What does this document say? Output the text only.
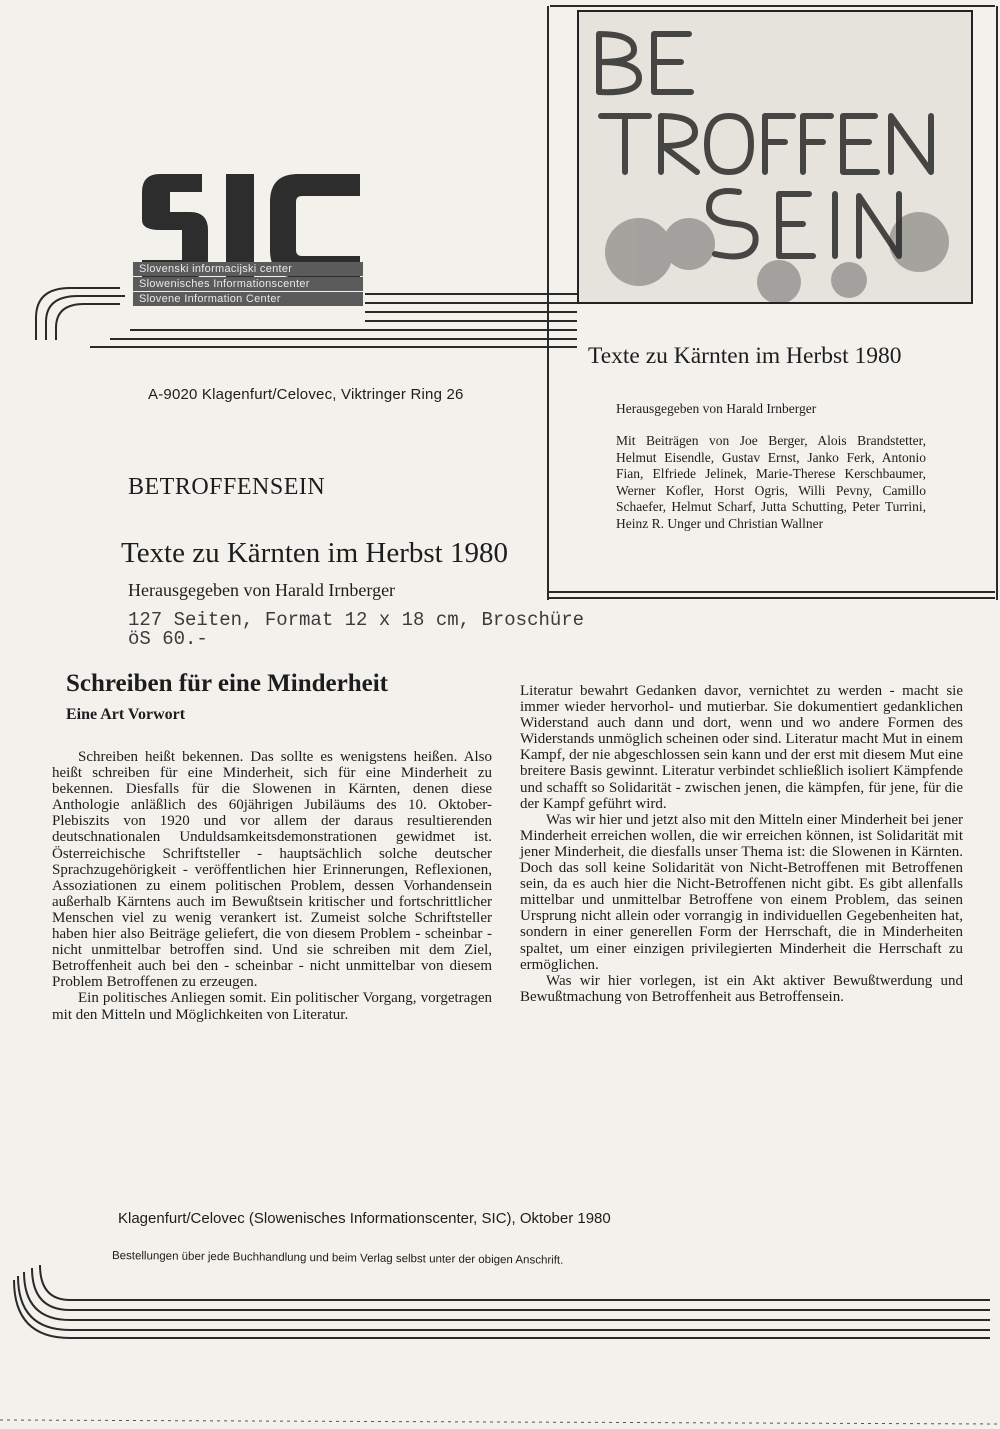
Slovenski informacijski center
Slowenisches Informationscenter
Slovene Information Center
A-9020 Klagenfurt/Celovec, Viktringer Ring 26
Texte zu Kärnten im Herbst 1980
Herausgegeben von Harald Irnberger
Mit Beiträgen von Joe Berger, Alois Brandstetter, Helmut Eisendle, Gustav Ernst, Janko Ferk, Antonio Fian, Elfriede Jelinek, Marie-Therese Kerschbaumer, Werner Kofler, Horst Ogris, Willi Pevny, Camillo Schaefer, Helmut Scharf, Jutta Schutting, Peter Turrini, Heinz R. Unger und Christian Wallner
BETROFFENSEIN
Texte zu Kärnten im Herbst 1980
Herausgegeben von Harald Irnberger
127 Seiten, Format 12 x 18 cm, Broschüre
öS 60.-
Schreiben für eine Minderheit
Eine Art Vorwort

Schreiben heißt bekennen. Das sollte es wenigstens heißen. Also heißt schreiben für eine Minderheit, sich für eine Minderheit zu bekennen. Diesfalls für die Slowenen in Kärnten, denen diese Anthologie anläßlich des 60jährigen Jubiläums des 10. Oktober-Plebiszits von 1920 und vor allem der daraus resultierenden deutschnationalen Unduldsamkeitsdemonstrationen gewidmet ist. Österreichische Schriftsteller - hauptsächlich solche deutscher Sprachzugehörigkeit - veröffentlichen hier Erinnerungen, Reflexionen, Assoziationen zu einem politischen Problem, dessen Vorhandensein außerhalb Kärntens auch im Bewußtsein kritischer und fortschrittlicher Menschen viel zu wenig verankert ist. Zumeist solche Schriftsteller haben hier also Beiträge geliefert, die von diesem Problem - scheinbar - nicht unmittelbar betroffen sind. Und sie schreiben mit dem Ziel, Betroffenheit auch bei den - scheinbar - nicht unmittelbar von diesem Problem Betroffenen zu erzeugen.

Ein politisches Anliegen somit. Ein politischer Vorgang, vorgetragen mit den Mitteln und Möglichkeiten von Literatur.

Literatur bewahrt Gedanken davor, vernichtet zu werden - macht sie immer wieder hervorhol- und mutierbar. Sie dokumentiert gedanklichen Widerstand auch dann und dort, wenn und wo andere Formen des Widerstands unmöglich scheinen oder sind. Literatur macht Mut in einem Kampf, der nie abgeschlossen sein kann und der erst mit diesem Mut eine breitere Basis gewinnt. Literatur verbindet schließlich isoliert Kämpfende und schafft so Solidarität - zwischen jenen, die kämpfen, für jene, für die der Kampf geführt wird.

Was wir hier und jetzt also mit den Mitteln einer Minderheit bei jener Minderheit erreichen wollen, die wir erreichen können, ist Solidarität mit jener Minderheit, die diesfalls unser Thema ist: die Slowenen in Kärnten. Doch das soll keine Solidarität von Nicht-Betroffenen mit Betroffenen sein, da es auch hier die Nicht-Betroffenen nicht gibt. Es gibt allenfalls mittelbar und unmittelbar Betroffene von einem Problem, das seinen Ursprung nicht allein oder vorrangig in individuellen Gegebenheiten hat, sondern in einer generellen Form der Herrschaft, die in Minderheiten spaltet, um einer einzigen privilegierten Minderheit die Herrschaft zu ermöglichen.

Was wir hier vorlegen, ist ein Akt aktiver Bewußtwerdung und Bewußtmachung von Betroffenheit aus Betroffensein.

Klagenfurt/Celovec (Slowenisches Informationscenter, SIC), Oktober 1980
Bestellungen über jede Buchhandlung und beim Verlag selbst unter der obigen Anschrift.
